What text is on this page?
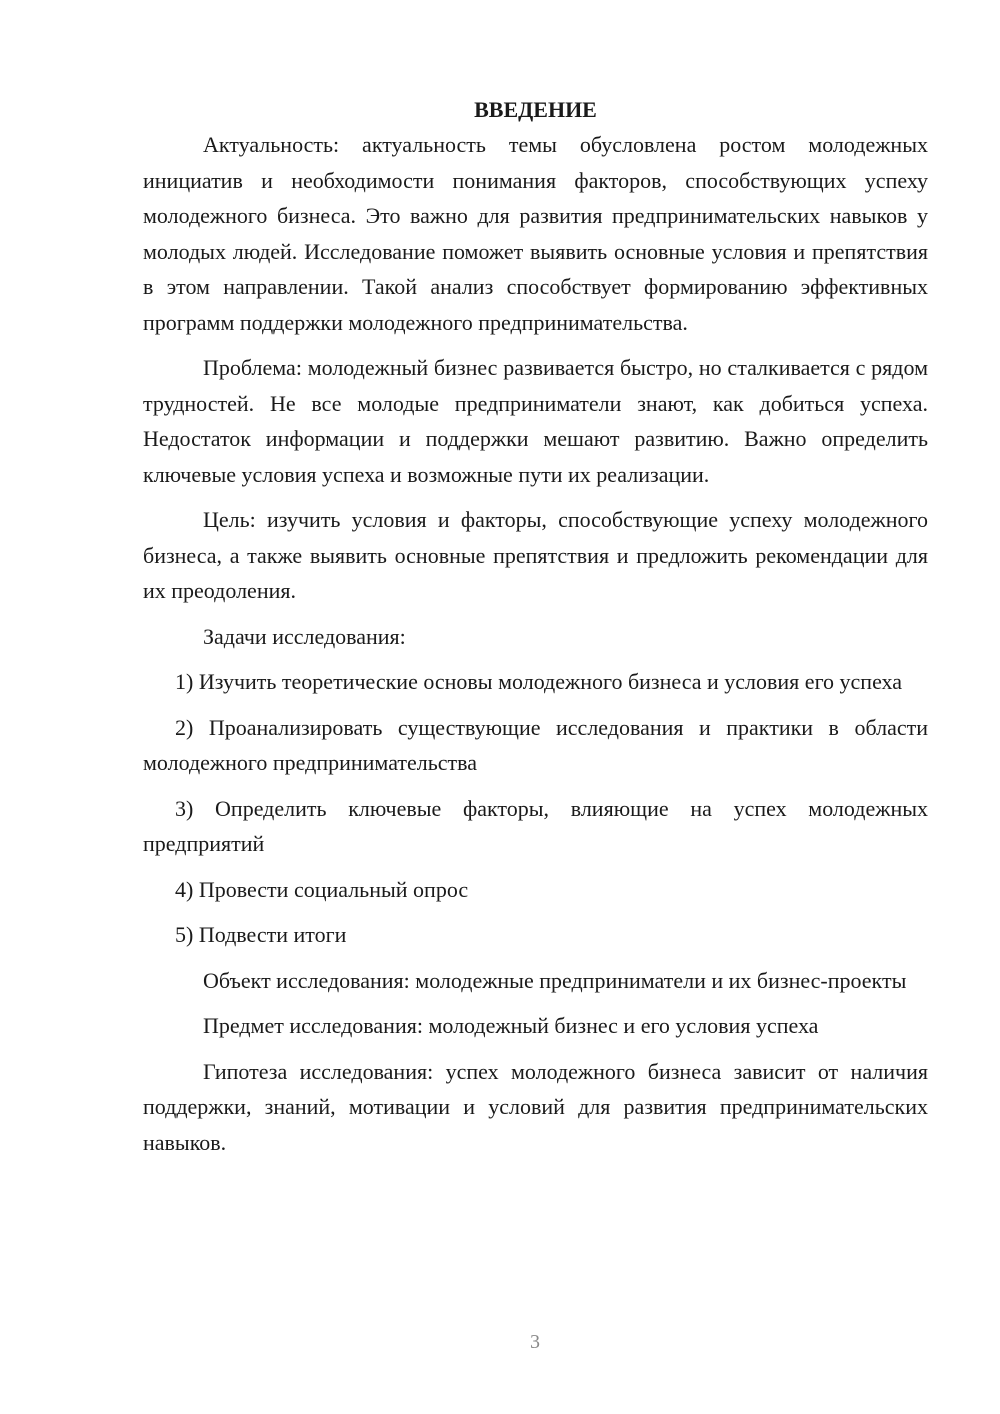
ВВЕДЕНИЕ

Актуальность: актуальность темы обусловлена ростом молодежных инициатив и необходимости понимания факторов, способствующих успеху молодежного бизнеса. Это важно для развития предпринимательских навыков у молодых людей. Исследование поможет выявить основные условия и препятствия в этом направлении. Такой анализ способствует формированию эффективных программ поддержки молодежного предпринимательства.

Проблема: молодежный бизнес развивается быстро, но сталкивается с рядом трудностей. Не все молодые предприниматели знают, как добиться успеха. Недостаток информации и поддержки мешают развитию. Важно определить ключевые условия успеха и возможные пути их реализации.

Цель: изучить условия и факторы, способствующие успеху молодежного бизнеса, а также выявить основные препятствия и предложить рекомендации для их преодоления.

Задачи исследования:

1) Изучить теоретические основы молодежного бизнеса и условия его успеха

2) Проанализировать существующие исследования и практики в области молодежного предпринимательства

3) Определить ключевые факторы, влияющие на успех молодежных предприятий

4) Провести социальный опрос

5) Подвести итоги

Объект исследования: молодежные предприниматели и их бизнес-проекты

Предмет исследования: молодежный бизнес и его условия успеха

Гипотеза исследования: успех молодежного бизнеса зависит от наличия поддержки, знаний, мотивации и условий для развития предпринимательских навыков.

3
